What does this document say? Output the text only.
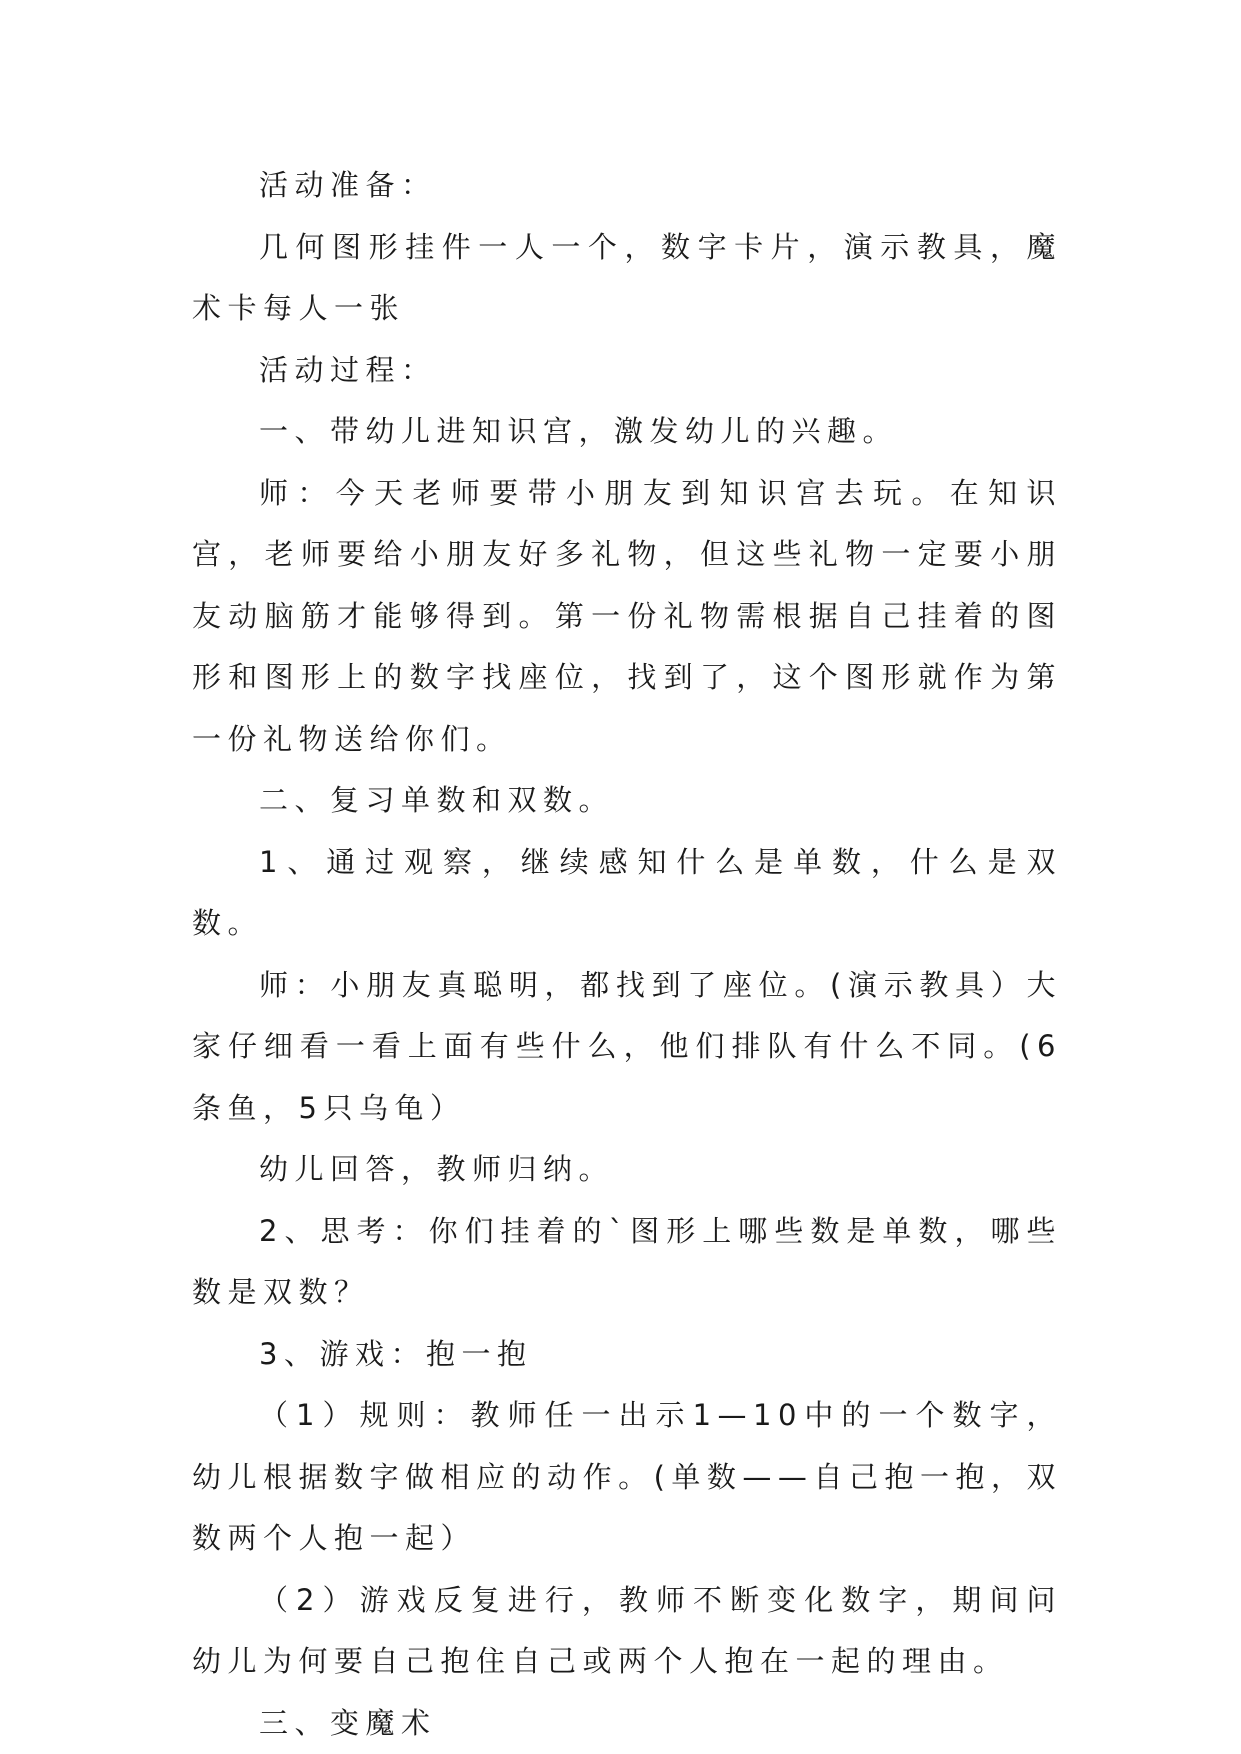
活动准备：

几何图形挂件一人一个，数字卡片，演示教具，魔术卡每人一张

活动过程：

一、带幼儿进知识宫，激发幼儿的兴趣。

师：今天老师要带小朋友到知识宫去玩。在知识宫，老师要给小朋友好多礼物，但这些礼物一定要小朋友动脑筋才能够得到。第一份礼物需根据自己挂着的图形和图形上的数字找座位，找到了，这个图形就作为第一份礼物送给你们。

二、复习单数和双数。

1、通过观察，继续感知什么是单数，什么是双数。

师：小朋友真聪明，都找到了座位。(演示教具）大家仔细看一看上面有些什么，他们排队有什么不同。(6条鱼，5只乌龟）

幼儿回答，教师归纳。

2、思考：你们挂着的`图形上哪些数是单数，哪些数是双数？

3、游戏：抱一抱

（1）规则：教师任一出示1—10中的一个数字，幼儿根据数字做相应的动作。(单数——自己抱一抱，双数两个人抱一起）

（2）游戏反复进行，教师不断变化数字，期间问幼儿为何要自己抱住自己或两个人抱在一起的理由。

三、变魔术
